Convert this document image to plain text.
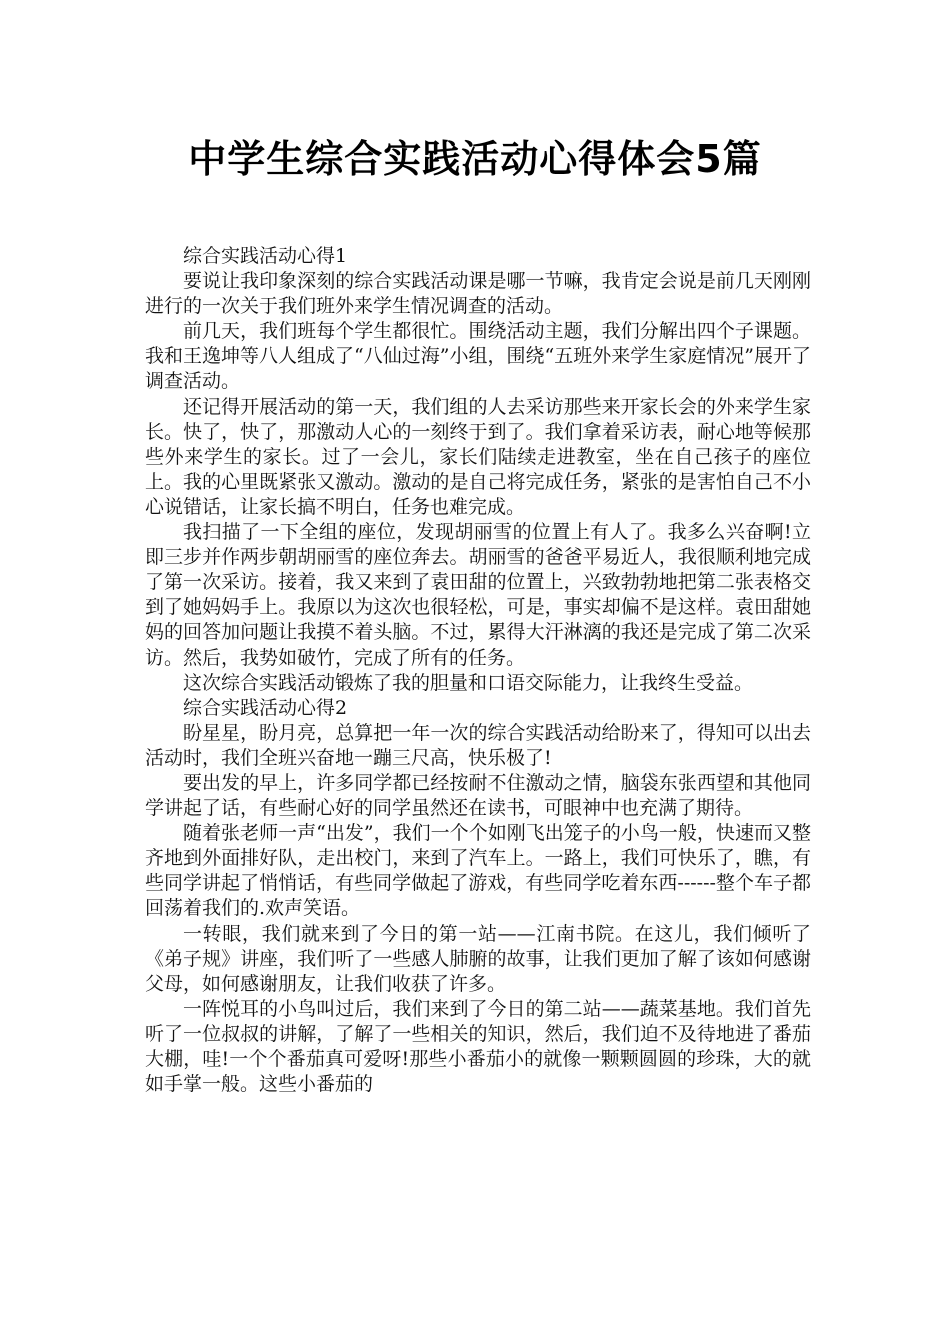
中学生综合实践活动心得体会5篇

综合实践活动心得1

要说让我印象深刻的综合实践活动课是哪一节嘛，我肯定会说是前几天刚刚进行的一次关于我们班外来学生情况调查的活动。

前几天，我们班每个学生都很忙。围绕活动主题，我们分解出四个子课题。我和王逸坤等八人组成了“八仙过海”小组，围绕“五班外来学生家庭情况”展开了调查活动。

还记得开展活动的第一天，我们组的人去采访那些来开家长会的外来学生家长。快了，快了，那激动人心的一刻终于到了。我们拿着采访表，耐心地等候那些外来学生的家长。过了一会儿，家长们陆续走进教室，坐在自己孩子的座位上。我的心里既紧张又激动。激动的是自己将完成任务，紧张的是害怕自己不小心说错话，让家长搞不明白，任务也难完成。

我扫描了一下全组的座位，发现胡丽雪的位置上有人了。我多么兴奋啊!立即三步并作两步朝胡丽雪的座位奔去。胡丽雪的爸爸平易近人，我很顺利地完成了第一次采访。接着，我又来到了袁田甜的位置上，兴致勃勃地把第二张表格交到了她妈妈手上。我原以为这次也很轻松，可是，事实却偏不是这样。袁田甜她妈的回答加问题让我摸不着头脑。不过，累得大汗淋漓的我还是完成了第二次采访。然后，我势如破竹，完成了所有的任务。

这次综合实践活动锻炼了我的胆量和口语交际能力，让我终生受益。

综合实践活动心得2

盼星星，盼月亮，总算把一年一次的综合实践活动给盼来了，得知可以出去活动时，我们全班兴奋地一蹦三尺高，快乐极了!

要出发的早上，许多同学都已经按耐不住激动之情，脑袋东张西望和其他同学讲起了话，有些耐心好的同学虽然还在读书，可眼神中也充满了期待。

随着张老师一声“出发”，我们一个个如刚飞出笼子的小鸟一般，快速而又整齐地到外面排好队，走出校门，来到了汽车上。一路上，我们可快乐了，瞧，有些同学讲起了悄悄话，有些同学做起了游戏，有些同学吃着东西------整个车子都回荡着我们的.欢声笑语。

一转眼，我们就来到了今日的第一站——江南书院。在这儿，我们倾听了《弟子规》讲座，我们听了一些感人肺腑的故事，让我们更加了解了该如何感谢父母，如何感谢朋友，让我们收获了许多。

一阵悦耳的小鸟叫过后，我们来到了今日的第二站——蔬菜基地。我们首先听了一位叔叔的讲解，了解了一些相关的知识，然后，我们迫不及待地进了番茄大棚，哇!一个个番茄真可爱呀!那些小番茄小的就像一颗颗圆圆的珍珠，大的就如手掌一般。这些小番茄的
